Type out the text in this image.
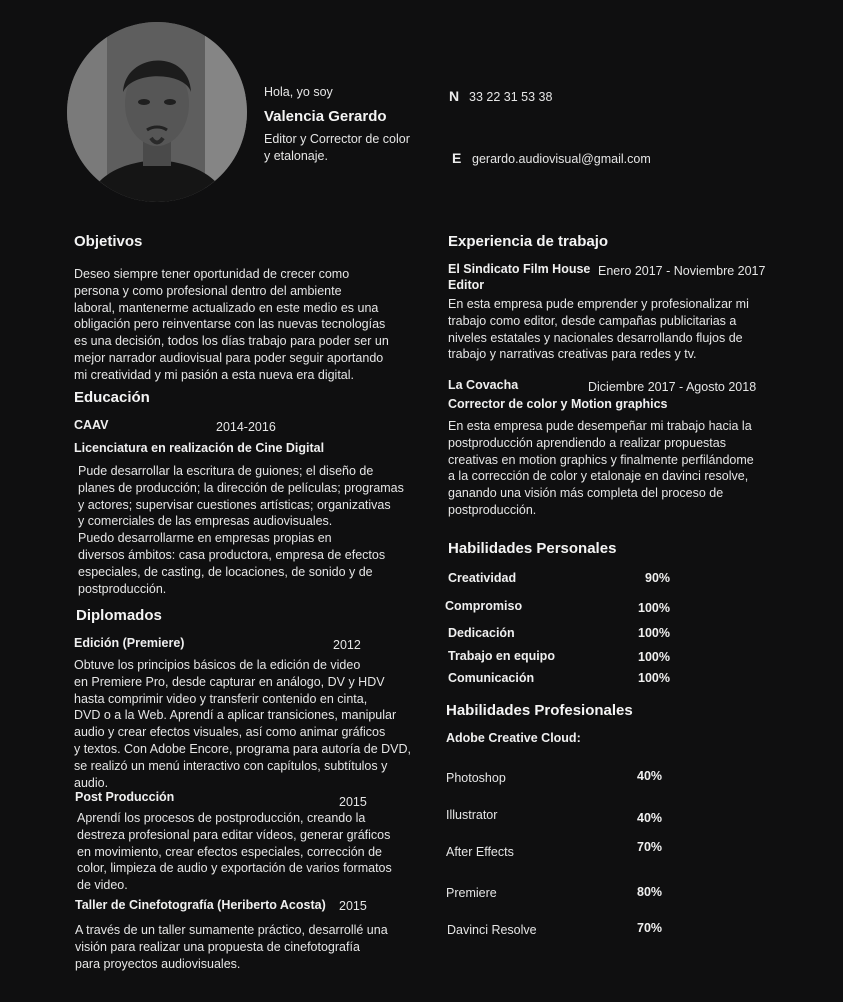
Hola, yo soy
Valencia Gerardo
Editor y Corrector de color
y etalonaje.
N 33 22 31 53 38
E gerardo.audiovisual@gmail.com
Objetivos
Deseo siempre tener oportunidad de crecer como
persona y como profesional dentro del ambiente
laboral, mantenerme actualizado en este medio es una
obligación pero reinventarse con las nuevas tecnologías
es una decisión, todos los días trabajo para poder ser un
mejor narrador audiovisual para poder seguir aportando
mi creatividad y mi pasión a esta nueva era digital.
Educación
CAAV	2014-2016
Licenciatura en realización de Cine Digital
Pude desarrollar la escritura de guiones; el diseño de
planes de producción; la dirección de películas; programas
y actores; supervisar cuestiones artísticas; organizativas
y comerciales de las empresas audiovisuales.
Puedo desarrollarme en empresas propias en
diversos ámbitos: casa productora, empresa de efectos
especiales, de casting, de locaciones, de sonido y de
postproducción.
Diplomados
Edición (Premiere)	2012
Obtuve los principios básicos de la edición de video
en Premiere Pro, desde capturar en análogo, DV y HDV
hasta comprimir video y transferir contenido en cinta,
DVD o a la Web. Aprendí a aplicar transiciones, manipular
audio y crear efectos visuales, así como animar gráficos
y textos. Con Adobe Encore, programa para autoría de DVD,
se realizó un menú interactivo con capítulos, subtítulos y
audio.
Post Producción	2015
Aprendí los procesos de postproducción, creando la
destreza profesional para editar vídeos, generar gráficos
en movimiento, crear efectos especiales, corrección de
color, limpieza de audio y exportación de varios formatos
de video.
Taller de Cinefotografía (Heriberto Acosta) 2015
A través de un taller sumamente práctico, desarrollé una
visión para realizar una propuesta de cinefotografía
para proyectos audiovisuales.
Experiencia de trabajo
El Sindicato Film House Enero 2017 - Noviembre 2017
Editor
En esta empresa pude emprender y profesionalizar mi
trabajo como editor, desde campañas publicitarias a
niveles estatales y nacionales desarrollando flujos de
trabajo y narrativas creativas para redes y tv.
La Covacha	Diciembre 2017 - Agosto 2018
Corrector de color y Motion graphics
En esta empresa pude desempeñar mi trabajo hacia la
postproducción aprendiendo a realizar propuestas
creativas en motion graphics y finalmente perfilándome
a la corrección de color y etalonaje en davinci resolve,
ganando una visión más completa del proceso de
postproducción.
Habilidades Personales
Creatividad	90%
Compromiso	100%
Dedicación	100%
Trabajo en equipo	100%
Comunicación	100%
Habilidades Profesionales
Adobe Creative Cloud:
Photoshop	40%
Illustrator	40%
After Effects	70%
Premiere	80%
Davinci Resolve	70%
